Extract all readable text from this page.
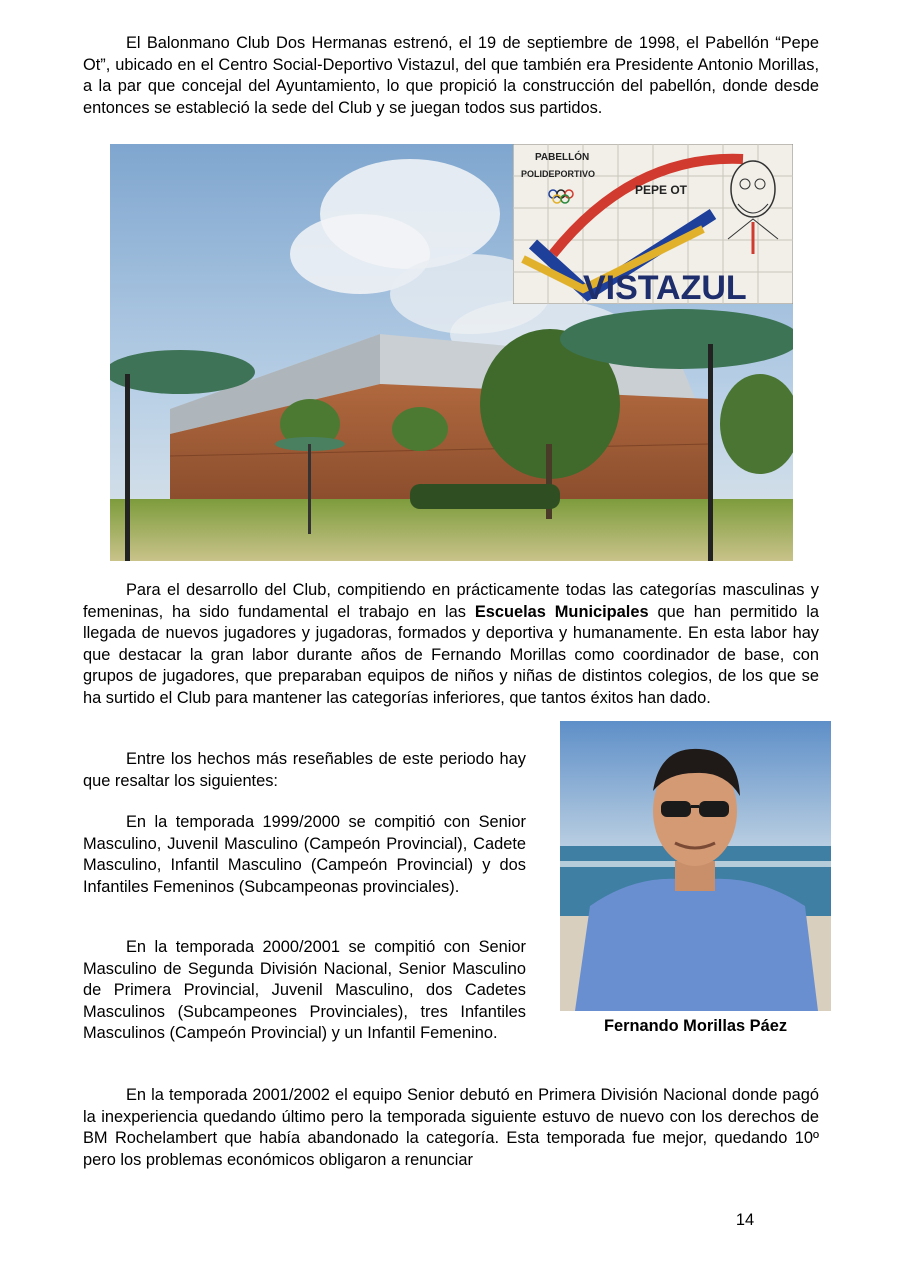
El Balonmano Club Dos Hermanas estrenó, el 19 de septiembre de 1998, el Pabellón “Pepe Ot”, ubicado en el Centro Social-Deportivo Vistazul, del que también era Presidente Antonio Morillas, a la par que concejal del Ayuntamiento, lo que propició la construcción del pabellón, donde desde entonces se estableció la sede del Club y se juegan todos sus partidos.

PABELLÓN
POLIDEPORTIVO
PEPE OT
VISTAZUL

Para el desarrollo del Club, compitiendo en prácticamente todas las categorías masculinas y femeninas, ha sido fundamental el trabajo en las Escuelas Municipales que han permitido la llegada de nuevos jugadores y jugadoras, formados y deportiva y humanamente. En esta labor hay que destacar la gran labor durante años de Fernando Morillas como coordinador de base, con grupos de jugadores, que preparaban equipos de niños y niñas de distintos colegios, de los que se ha surtido el Club para mantener las categorías inferiores, que tantos éxitos han dado.

Entre los hechos más reseñables de este periodo hay que resaltar los siguientes:

En la temporada 1999/2000 se compitió con Senior Masculino, Juvenil Masculino (Campeón Provincial), Cadete Masculino, Infantil Masculino (Campeón Provincial) y dos Infantiles Femeninos (Subcampeonas provinciales).

En la temporada 2000/2001 se compitió con Senior Masculino de Segunda División Nacional, Senior Masculino de Primera Provincial, Juvenil Masculino, dos Cadetes Masculinos (Subcampeones Provinciales), tres Infantiles Masculinos (Campeón Provincial) y un Infantil Femenino.	Fernando Morillas Páez

En la temporada 2001/2002 el equipo Senior debutó en Primera División Nacional donde pagó la inexperiencia quedando último pero la temporada siguiente estuvo de nuevo con los derechos de BM Rochelambert que había abandonado la categoría. Esta temporada fue mejor, quedando 10º pero los problemas económicos obligaron a renunciar

14
